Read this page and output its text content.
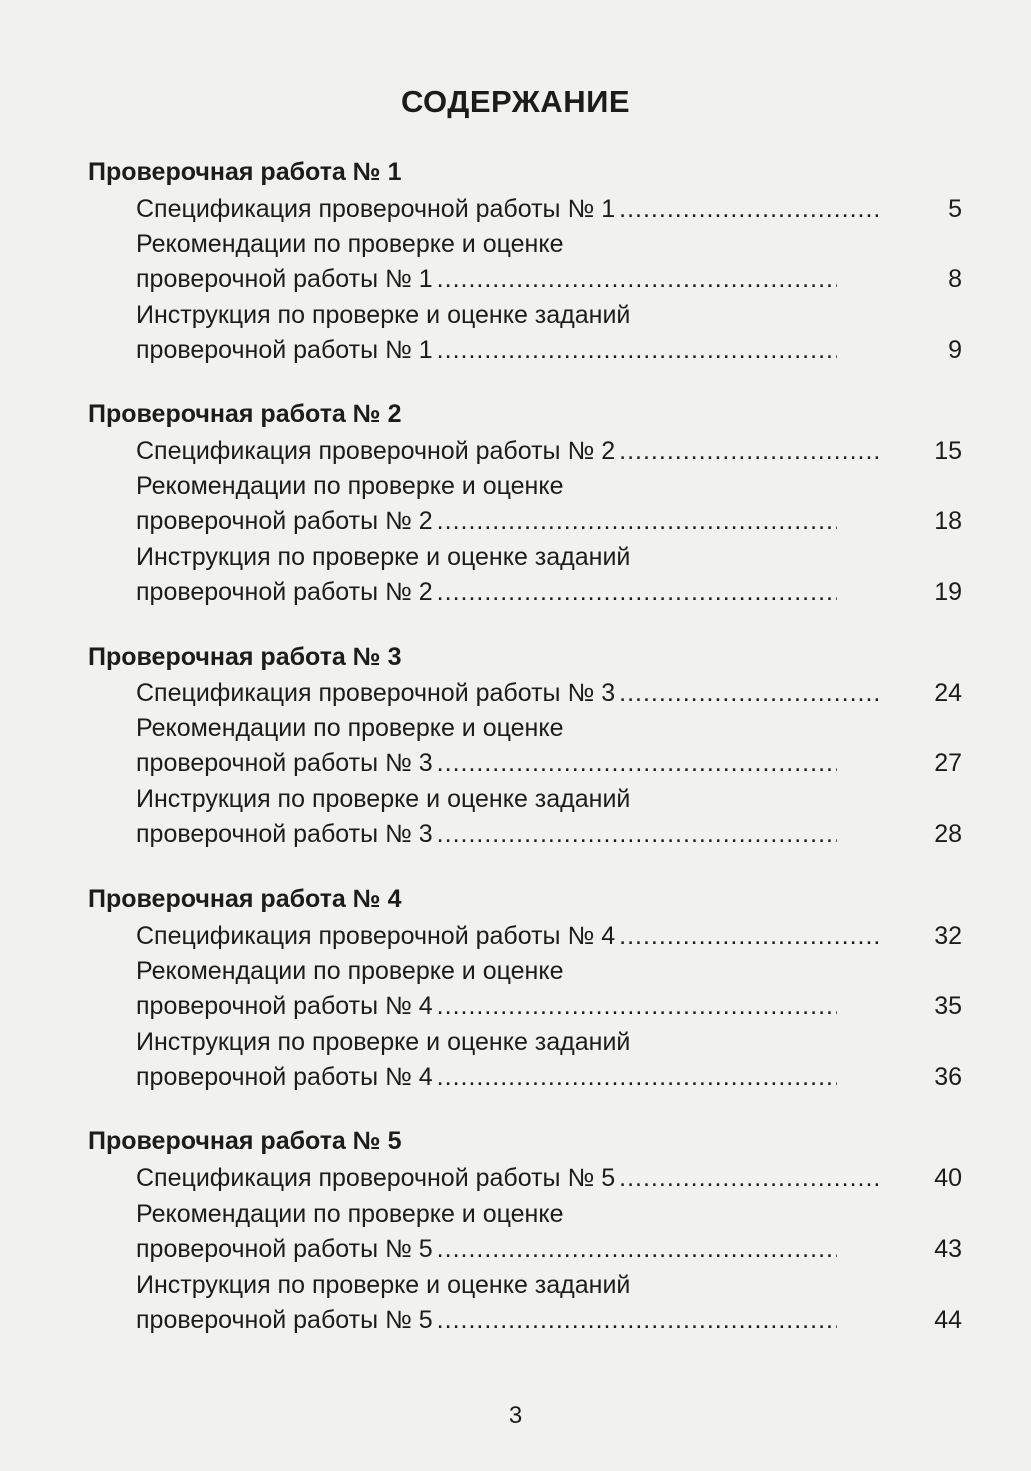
СОДЕРЖАНИЕ
Проверочная работа № 1
Спецификация проверочной работы № 1 .....	5
Рекомендации по проверке и оценке
проверочной работы № 1 .....	8
Инструкция по проверке и оценке заданий
проверочной работы № 1 .....	9
Проверочная работа № 2
Спецификация проверочной работы № 2 .....	15
Рекомендации по проверке и оценке
проверочной работы № 2 .....	18
Инструкция по проверке и оценке заданий
проверочной работы № 2 .....	19
Проверочная работа № 3
Спецификация проверочной работы № 3 .....	24
Рекомендации по проверке и оценке
проверочной работы № 3 .....	27
Инструкция по проверке и оценке заданий
проверочной работы № 3 .....	28
Проверочная работа № 4
Спецификация проверочной работы № 4 .....	32
Рекомендации по проверке и оценке
проверочной работы № 4 .....	35
Инструкция по проверке и оценке заданий
проверочной работы № 4 .....	36
Проверочная работа № 5
Спецификация проверочной работы № 5 .....	40
Рекомендации по проверке и оценке
проверочной работы № 5 .....	43
Инструкция по проверке и оценке заданий
проверочной работы № 5 .....	44
3
